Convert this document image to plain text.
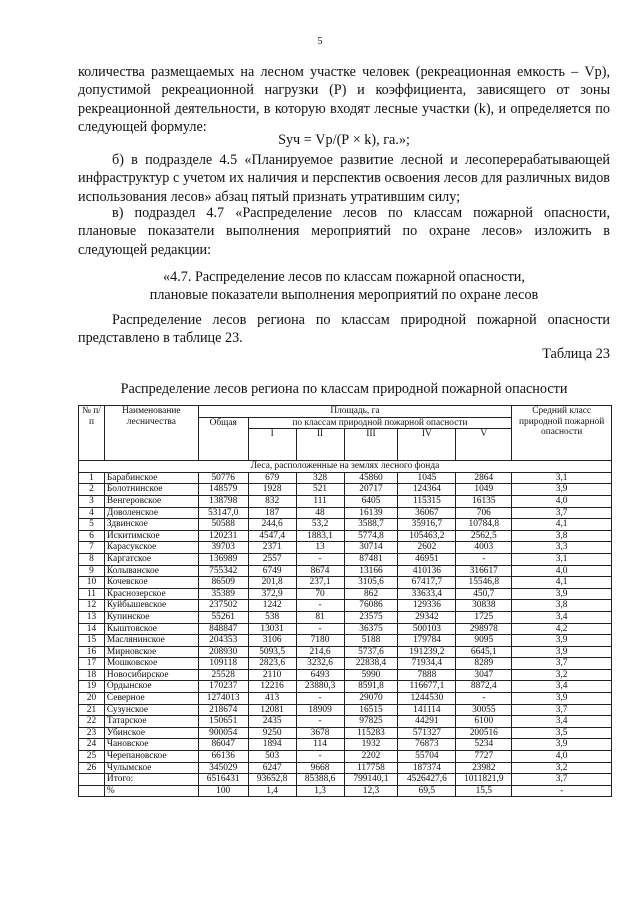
5
количества размещаемых на лесном участке человек (рекреационная емкость – Vр), допустимой рекреационной нагрузки (Р) и коэффициента, зависящего от зоны рекреационной деятельности, в которую входят лесные участки (k), и определяется по следующей формуле:
Sуч = Vр/(Р × k), га.»;
б) в подразделе 4.5 «Планируемое развитие лесной и лесоперерабатывающей инфраструктур с учетом их наличия и перспектив освоения лесов для различных видов использования лесов» абзац пятый признать утратившим силу;
в) подраздел 4.7 «Распределение лесов по классам пожарной опасности, плановые показатели выполнения мероприятий по охране лесов» изложить в следующей редакции:
«4.7. Распределение лесов по классам пожарной опасности,
плановые показатели выполнения мероприятий по охране лесов
Распределение лесов региона по классам природной пожарной опасности представлено в таблице 23.
Таблица 23
Распределение лесов региона по классам природной пожарной опасности
№ п/п	Наименование лесничества	Площадь, га						Средний класс природной пожарной опасности
		Общая	по классам природной пожарной опасности					
			I	II	III	IV	V	
Леса, расположенные на землях лесного фонда								
1	Барабинское	50776	679	328	45860	1045	2864	3,1
2	Болотнинское	148579	1928	521	20717	124364	1049	3,9
3	Венгеровское	138798	832	111	6405	115315	16135	4,0
4	Доволенское	53147,0	187	48	16139	36067	706	3,7
5	Здвинское	50588	244,6	53,2	3588,7	35916,7	10784,8	4,1
6	Искитимское	120231	4547,4	1883,1	5774,8	105463,2	2562,5	3,8
7	Карасукское	39703	2371	13	30714	2602	4003	3,3
8	Каргатское	136989	2557	-	87481	46951	-	3,1
9	Колыванское	755342	6749	8674	13166	410136	316617	4,0
10	Кочевское	86509	201,8	237,1	3105,6	67417,7	15546,8	4,1
11	Краснозерское	35389	372,9	70	862	33633,4	450,7	3,9
12	Куйбышевское	237502	1242	-	76086	129336	30838	3,8
13	Купинское	55261	538	81	23575	29342	1725	3,4
14	Кыштовское	848847	13031	-	36375	500103	298978	4,2
15	Маслянинское	204353	3106	7180	5188	179784	9095	3,9
16	Мирновское	208930	5093,5	214,6	5737,6	191239,2	6645,1	3,9
17	Мошковское	109118	2823,6	3232,6	22838,4	71934,4	8289	3,7
18	Новосибирское	25528	2110	6493	5990	7888	3047	3,2
19	Ордынское	170237	12216	23880,3	8591,8	116677,1	8872,4	3,4
20	Северное	1274013	413	-	29070	1244530	-	3,9
21	Сузунское	218674	12081	18909	16515	141114	30055	3,7
22	Татарское	150651	2435	-	97825	44291	6100	3,4
23	Убинское	900054	9250	3678	115283	571327	200516	3,5
24	Чановское	86047	1894	114	1932	76873	5234	3,9
25	Черепановское	66136	503	-	2202	55704	7727	4,0
26	Чулымское	345029	6247	9668	117758	187374	23982	3,2
	Итого:	6516431	93652,8	85388,6	799140,1	4526427,6	1011821,9	3,7
	%	100	1,4	1,3	12,3	69,5	15,5	-
